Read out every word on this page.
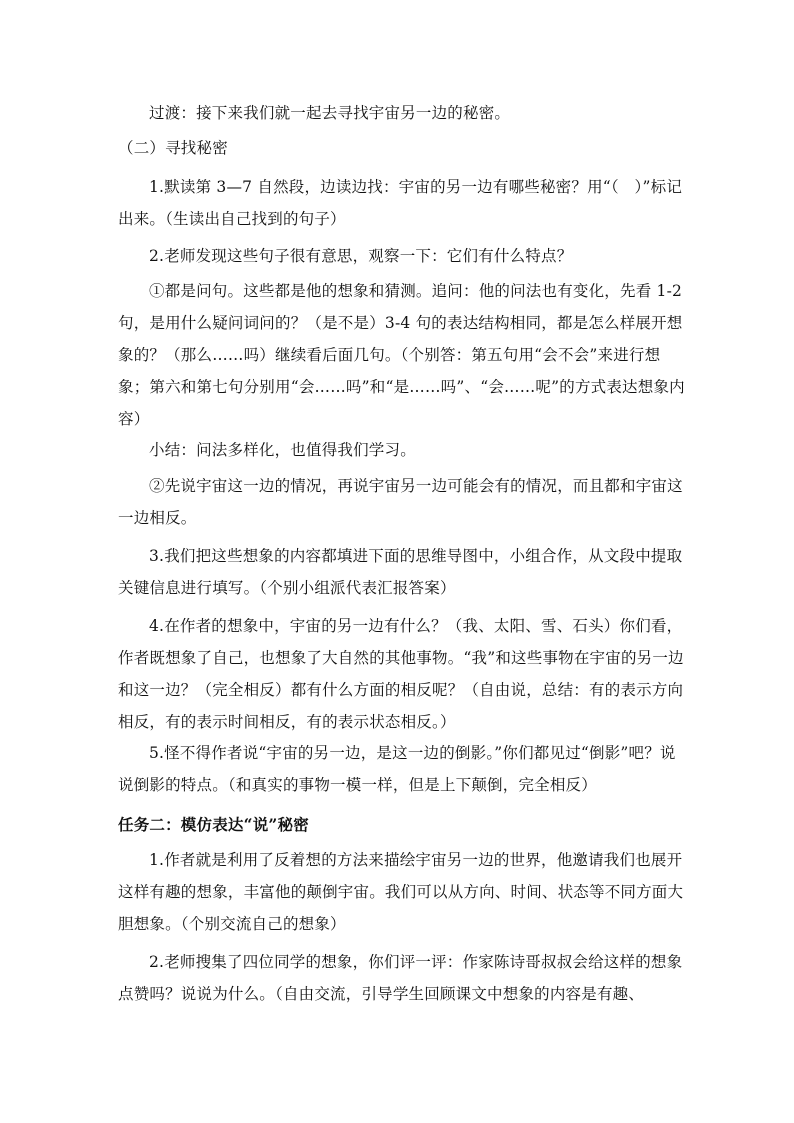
过渡：接下来我们就一起去寻找宇宙另一边的秘密。
（二）寻找秘密
1.默读第 3—7 自然段，边读边找：宇宙的另一边有哪些秘密？用“（　）”标记出来。（生读出自己找到的句子）
2.老师发现这些句子很有意思，观察一下：它们有什么特点？
①都是问句。这些都是他的想象和猜测。追问：他的问法也有变化，先看 1-2 句，是用什么疑问词问的？（是不是）3-4 句的表达结构相同，都是怎么样展开想象的？（那么……吗）继续看后面几句。（个别答：第五句用“会不会”来进行想象；第六和第七句分别用“会……吗”和“是……吗”、“会……呢”的方式表达想象内容）
小结：问法多样化，也值得我们学习。
②先说宇宙这一边的情况，再说宇宙另一边可能会有的情况，而且都和宇宙这一边相反。
3.我们把这些想象的内容都填进下面的思维导图中，小组合作，从文段中提取关键信息进行填写。（个别小组派代表汇报答案）
4.在作者的想象中，宇宙的另一边有什么？（我、太阳、雪、石头）你们看，作者既想象了自己，也想象了大自然的其他事物。“我”和这些事物在宇宙的另一边和这一边？（完全相反）都有什么方面的相反呢？（自由说，总结：有的表示方向相反，有的表示时间相反，有的表示状态相反。）
5.怪不得作者说“宇宙的另一边，是这一边的倒影。”你们都见过“倒影”吧？说说倒影的特点。（和真实的事物一模一样，但是上下颠倒，完全相反）
任务二：模仿表达“说”秘密
1.作者就是利用了反着想的方法来描绘宇宙另一边的世界，他邀请我们也展开这样有趣的想象，丰富他的颠倒宇宙。我们可以从方向、时间、状态等不同方面大胆想象。（个别交流自己的想象）
2.老师搜集了四位同学的想象，你们评一评：作家陈诗哥叔叔会给这样的想象点赞吗？说说为什么。（自由交流，引导学生回顾课文中想象的内容是有趣、
